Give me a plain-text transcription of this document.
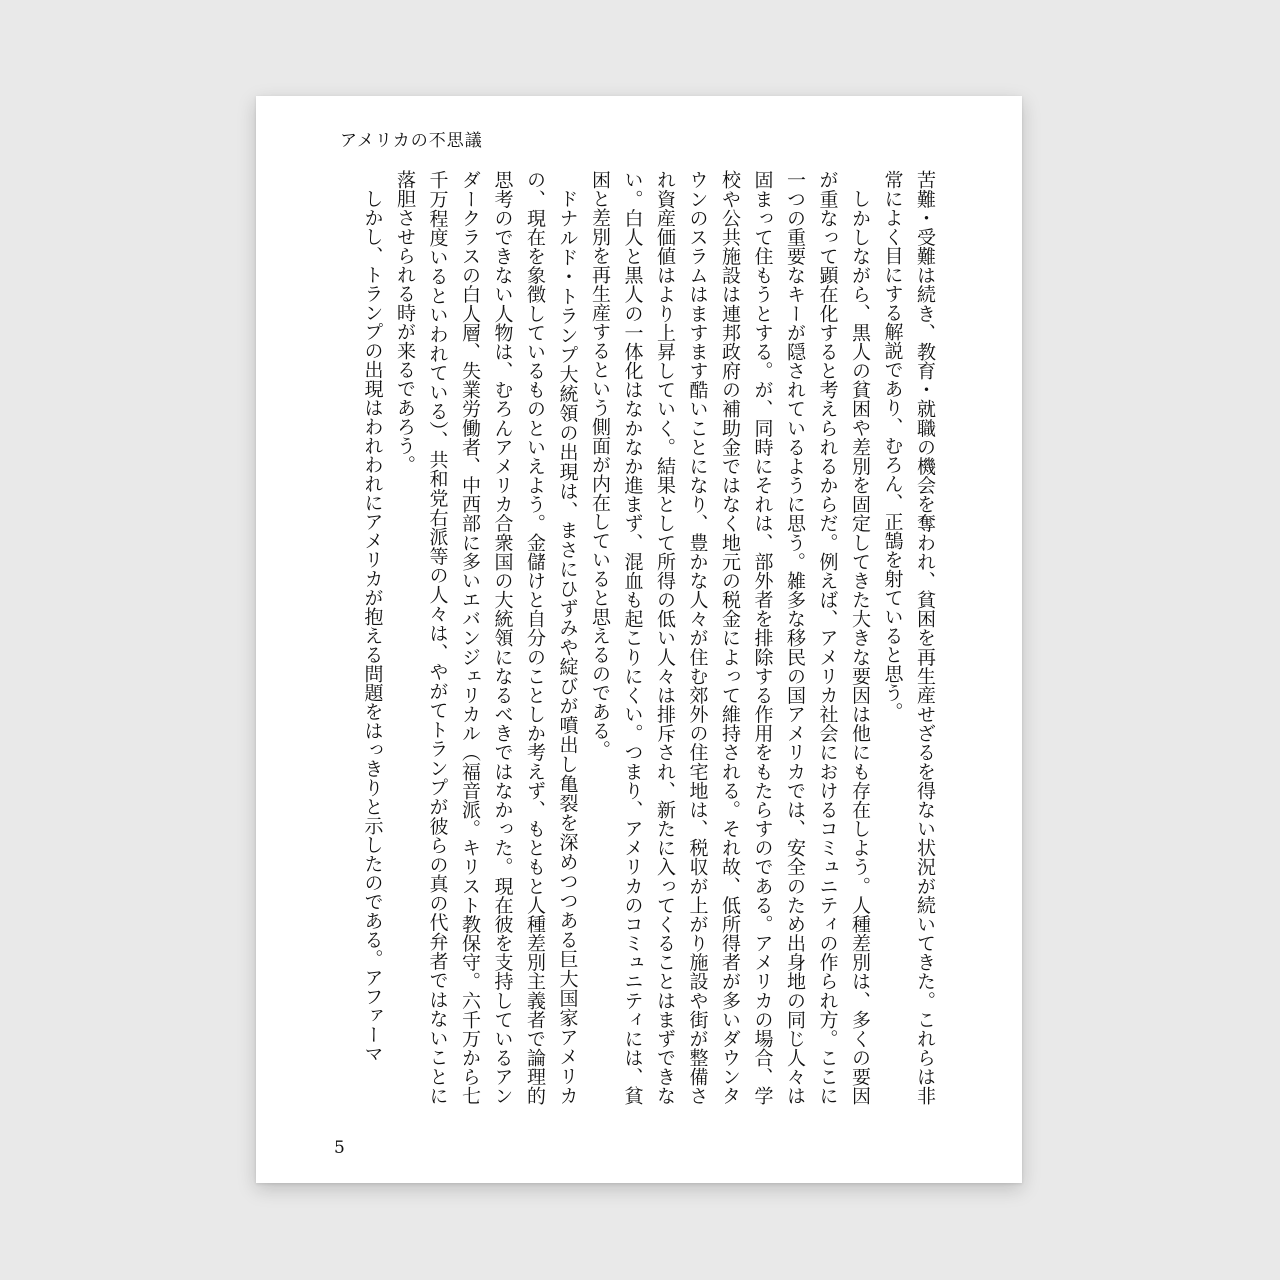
アメリカの不思議

苦難・受難は続き、教育・就職の機会を奪われ、貧困を再生産せざるを得ない状況が続いてきた。これらは非常によく目にする解説であり、むろん、正鵠を射ていると思う。

しかしながら、黒人の貧困や差別を固定してきた大きな要因は他にも存在しよう。人種差別は、多くの要因が重なって顕在化すると考えられるからだ。例えば、アメリカ社会におけるコミュニティの作られ方。ここに一つの重要なキーが隠されているように思う。雑多な移民の国アメリカでは、安全のため出身地の同じ人々は固まって住もうとする。が、同時にそれは、部外者を排除する作用をもたらすのである。アメリカの場合、学校や公共施設は連邦政府の補助金ではなく地元の税金によって維持される。それ故、低所得者が多いダウンタウンのスラムはますます酷いことになり、豊かな人々が住む郊外の住宅地は、税収が上がり施設や街が整備され資産価値はより上昇していく。結果として所得の低い人々は排斥され、新たに入ってくることはまずできない。白人と黒人の一体化はなかなか進まず、混血も起こりにくい。つまり、アメリカのコミュニティには、貧困と差別を再生産するという側面が内在していると思えるのである。

ドナルド・トランプ大統領の出現は、まさにひずみや綻びが噴出し亀裂を深めつつある巨大国家アメリカの、現在を象徴しているものといえよう。金儲けと自分のことしか考えず、もともと人種差別主義者で論理的思考のできない人物は、むろんアメリカ合衆国の大統領になるべきではなかった。現在彼を支持しているアンダークラスの白人層、失業労働者、中西部に多いエバンジェリカル（福音派。キリスト教保守。六千万から七千万程度いるといわれている）、共和党右派等の人々は、やがてトランプが彼らの真の代弁者ではないことに落胆させられる時が来るであろう。

しかし、トランプの出現はわれわれにアメリカが抱える問題をはっきりと示したのである。アファーマ

5
